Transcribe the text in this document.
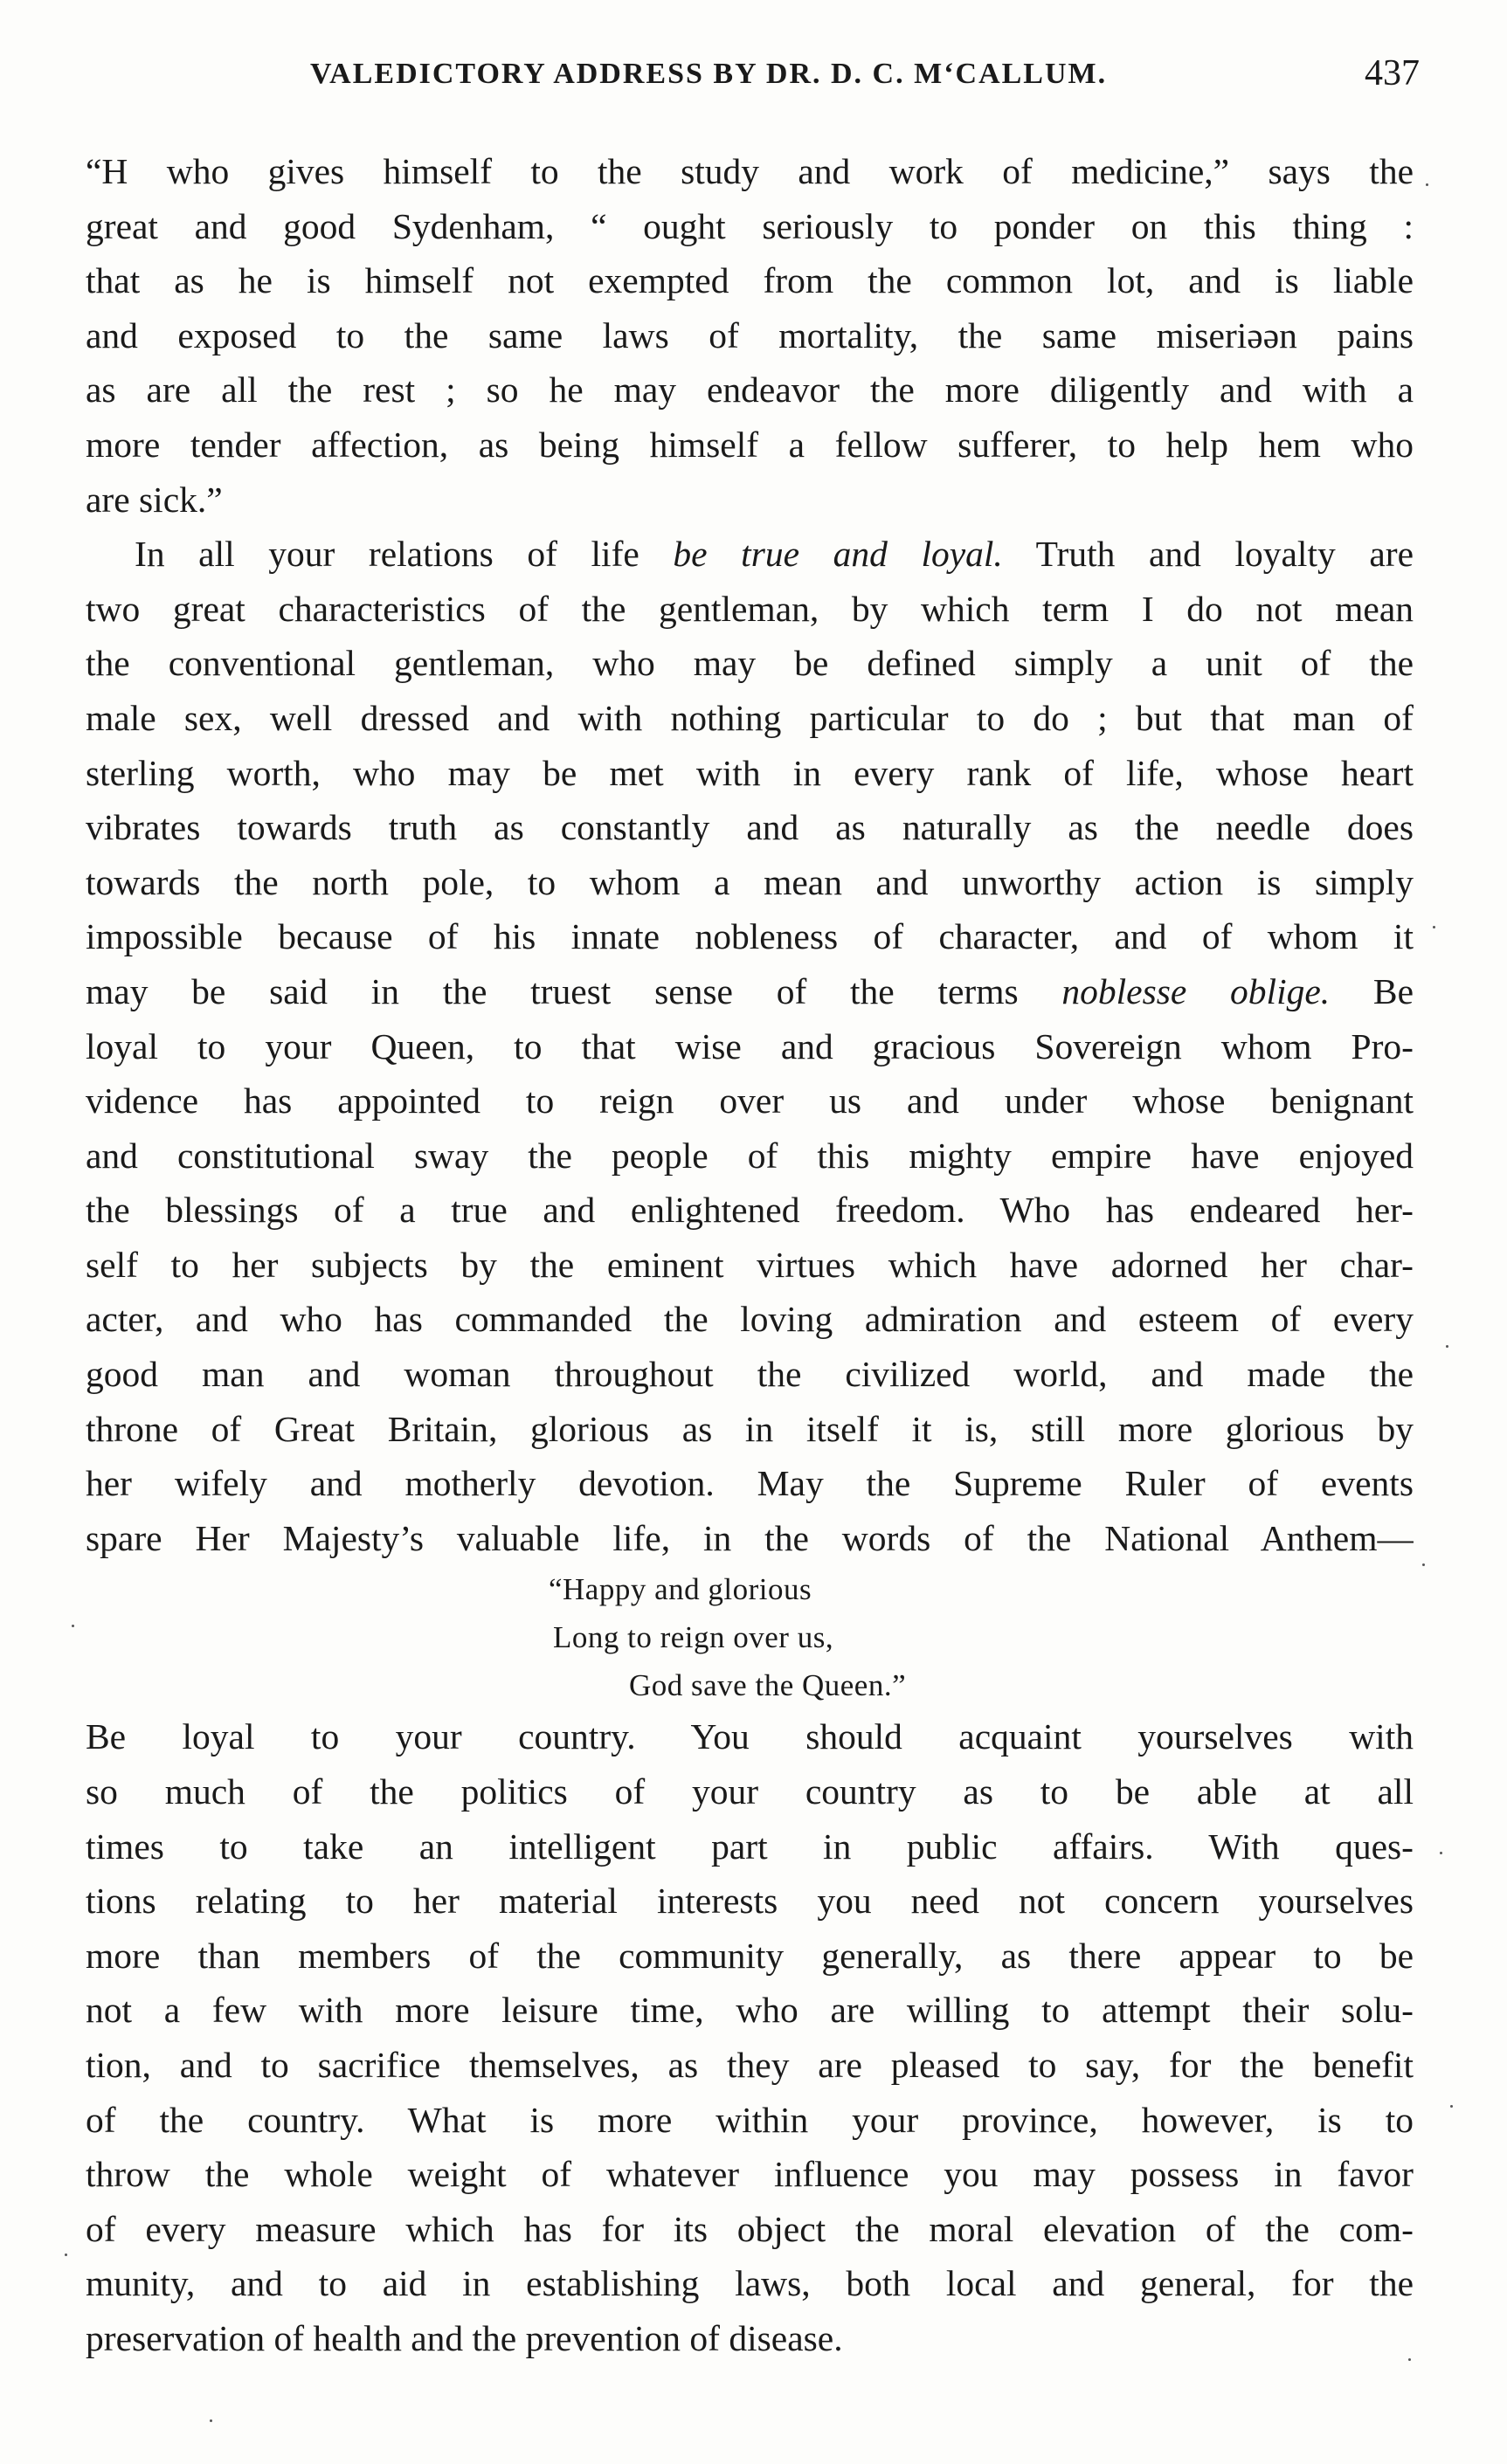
VALEDICTORY ADDRESS BY DR. D. C. M‘CALLUM.	437
“H who gives himself to the study and work of medicine,” says the
great and good Sydenham, “ ought seriously to ponder on this thing :
that as he is himself not exempted from the common lot, and is liable
and exposed to the same laws of mortality, the same miseriəən pains
as are all the rest ; so he may endeavor the more diligently and with a
more tender affection, as being himself a fellow sufferer, to help hem who
are sick.”
In all your relations of life be true and loyal. Truth and loyalty are
two great characteristics of the gentleman, by which term I do not mean
the conventional gentleman, who may be defined simply a unit of the
male sex, well dressed and with nothing particular to do ; but that man of
sterling worth, who may be met with in every rank of life, whose heart
vibrates towards truth as constantly and as naturally as the needle does
towards the north pole, to whom a mean and unworthy action is simply
impossible because of his innate nobleness of character, and of whom it
may be said in the truest sense of the terms noblesse oblige. Be
loyal to your Queen, to that wise and gracious Sovereign whom Pro-
vidence has appointed to reign over us and under whose benignant
and constitutional sway the people of this mighty empire have enjoyed
the blessings of a true and enlightened freedom. Who has endeared her-
self to her subjects by the eminent virtues which have adorned her char-
acter, and who has commanded the loving admiration and esteem of every
good man and woman throughout the civilized world, and made the
throne of Great Britain, glorious as in itself it is, still more glorious by
her wifely and motherly devotion. May the Supreme Ruler of events
spare Her Majesty’s valuable life, in the words of the National Anthem—
“Happy and glorious
Long to reign over us,
God save the Queen.”
Be loyal to your country. You should acquaint yourselves with
so much of the politics of your country as to be able at all
times to take an intelligent part in public affairs. With ques-
tions relating to her material interests you need not concern yourselves
more than members of the community generally, as there appear to be
not a few with more leisure time, who are willing to attempt their solu-
tion, and to sacrifice themselves, as they are pleased to say, for the benefit
of the country. What is more within your province, however, is to
throw the whole weight of whatever influence you may possess in favor
of every measure which has for its object the moral elevation of the com-
munity, and to aid in establishing laws, both local and general, for the
preservation of health and the prevention of disease.
